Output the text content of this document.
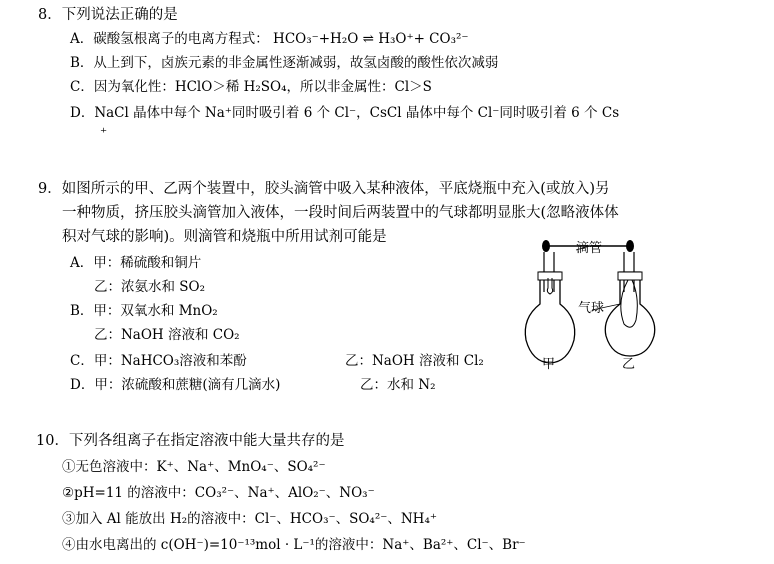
8．下列说法正确的是
A．碳酸氢根离子的电离方程式： HCO₃⁻+H₂O ⇌ H₃O⁺+ CO₃²⁻
B．从上到下，卤族元素的非金属性逐渐减弱，故氢卤酸的酸性依次减弱
C．因为氧化性：HClO＞稀 H₂SO₄，所以非金属性：Cl＞S
D．NaCl 晶体中每个 Na⁺同时吸引着 6 个 Cl⁻，CsCl 晶体中每个 Cl⁻同时吸引着 6 个 Cs
⁺
9．如图所示的甲、乙两个装置中，胶头滴管中吸入某种液体，平底烧瓶中充入(或放入)另
一种物质，挤压胶头滴管加入液体，一段时间后两装置中的气球都明显胀大(忽略液体体
积对气球的影响)。则滴管和烧瓶中所用试剂可能是
A．甲：稀硫酸和铜片
乙：浓氨水和 SO₂
B．甲：双氧水和 MnO₂
乙：NaOH 溶液和 CO₂
C．甲：NaHCO₃溶液和苯酚	乙：NaOH 溶液和 Cl₂
D．甲：浓硫酸和蔗糖(滴有几滴水)	乙：水和 N₂
滴管
气球
甲	乙
10．下列各组离子在指定溶液中能大量共存的是
①无色溶液中：K⁺、Na⁺、MnO₄⁻、SO₄²⁻
②pH=11 的溶液中：CO₃²⁻、Na⁺、AlO₂⁻、NO₃⁻
③加入 Al 能放出 H₂的溶液中：Cl⁻、HCO₃⁻、SO₄²⁻、NH₄⁺
④由水电离出的 c(OH⁻)=10⁻¹³mol · L⁻¹的溶液中：Na⁺、Ba²⁺、Cl⁻、Br⁻
